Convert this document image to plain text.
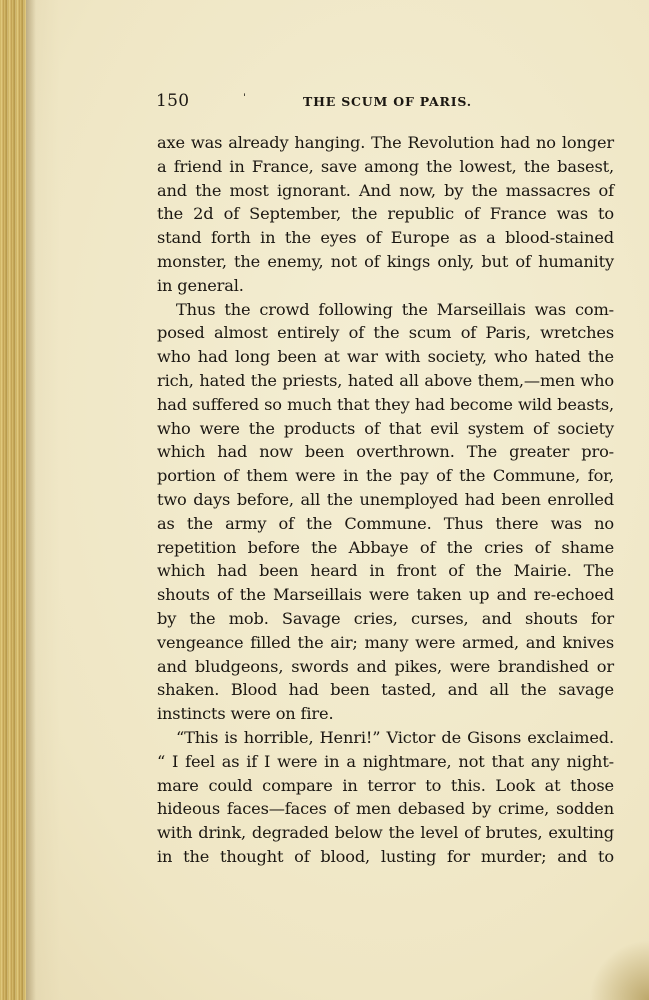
150	ˈ	THE SCUM OF PARIS.
axe was already hanging. The Revolution had no longer
a friend in France, save among the lowest, the basest,
and the most ignorant. And now, by the massacres of
the 2d of September, the republic of France was to
stand forth in the eyes of Europe as a blood-stained
monster, the enemy, not of kings only, but of humanity
in general.
Thus the crowd following the Marseillais was com-
posed almost entirely of the scum of Paris, wretches
who had long been at war with society, who hated the
rich, hated the priests, hated all above them,—men who
had suffered so much that they had become wild beasts,
who were the products of that evil system of society
which had now been overthrown. The greater pro-
portion of them were in the pay of the Commune, for,
two days before, all the unemployed had been enrolled
as the army of the Commune. Thus there was no
repetition before the Abbaye of the cries of shame
which had been heard in front of the Mairie. The
shouts of the Marseillais were taken up and re-echoed
by the mob. Savage cries, curses, and shouts for
vengeance filled the air; many were armed, and knives
and bludgeons, swords and pikes, were brandished or
shaken. Blood had been tasted, and all the savage
instincts were on fire.
“This is horrible, Henri!” Victor de Gisons exclaimed.
“ I feel as if I were in a nightmare, not that any night-
mare could compare in terror to this. Look at those
hideous faces—faces of men debased by crime, sodden
with drink, degraded below the level of brutes, exulting
in the thought of blood, lusting for murder; and to
